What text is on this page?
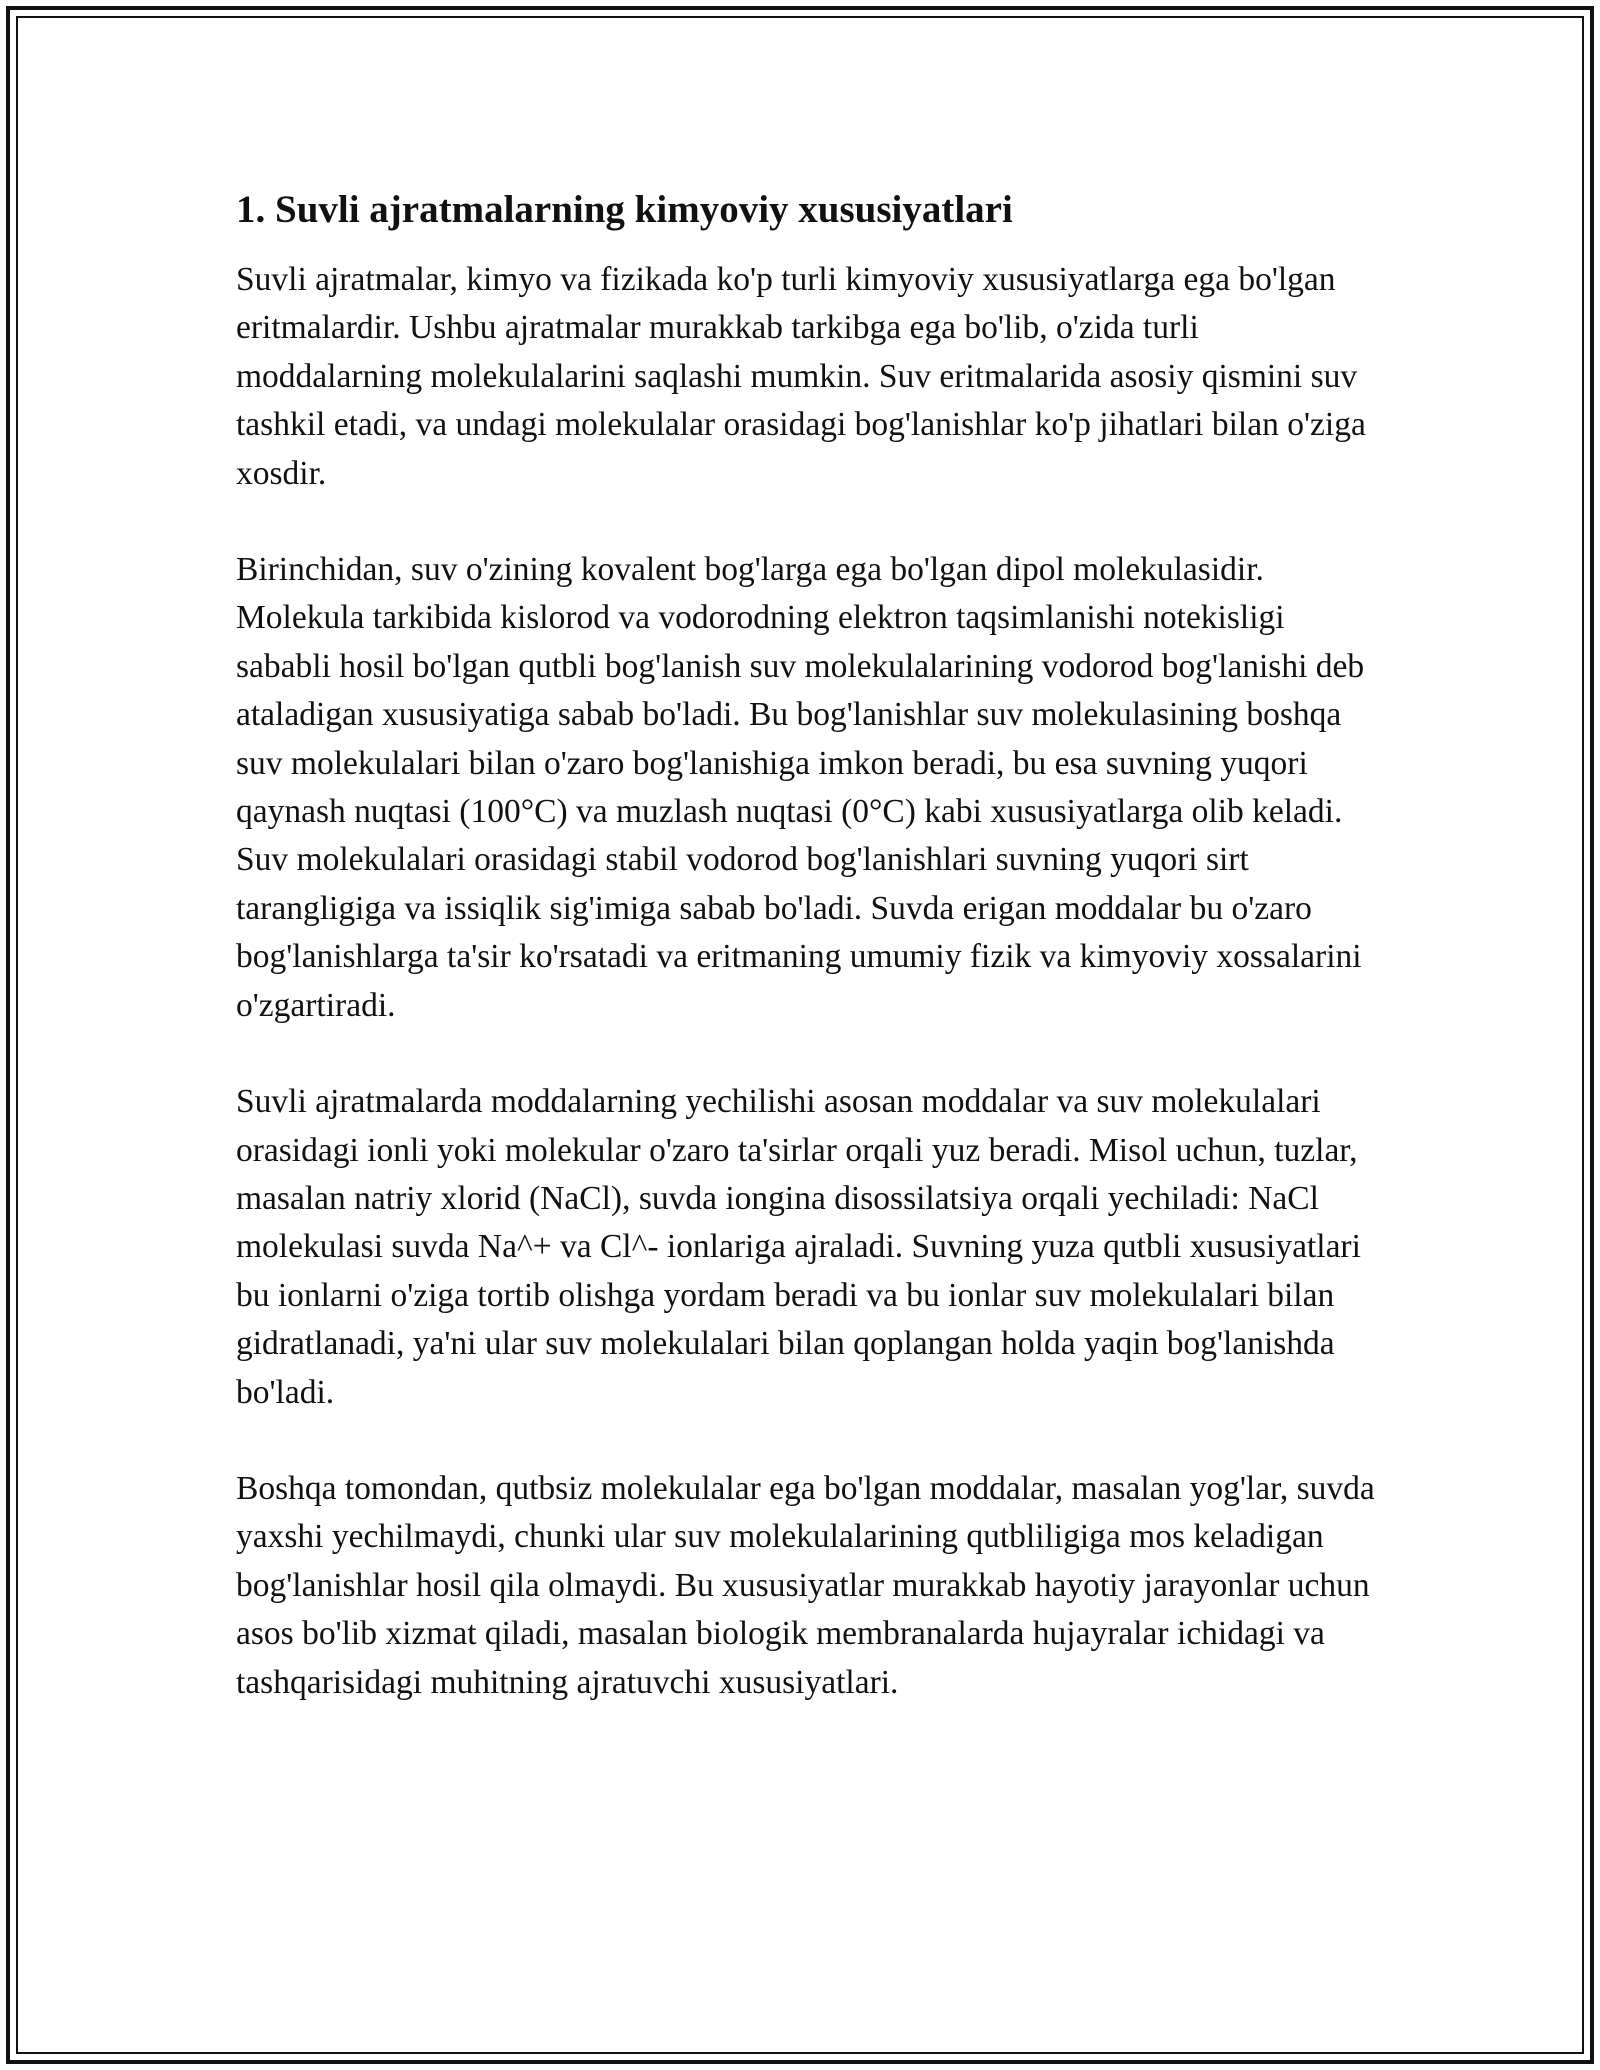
1. Suvli ajratmalarning kimyoviy xususiyatlari

Suvli ajratmalar, kimyo va fizikada ko'p turli kimyoviy xususiyatlarga ega bo'lgan eritmalardir. Ushbu ajratmalar murakkab tarkibga ega bo'lib, o'zida turli moddalarning molekulalarini saqlashi mumkin. Suv eritmalarida asosiy qismini suv tashkil etadi, va undagi molekulalar orasidagi bog'lanishlar ko'p jihatlari bilan o'ziga xosdir.

Birinchidan, suv o'zining kovalent bog'larga ega bo'lgan dipol molekulasidir. Molekula tarkibida kislorod va vodorodning elektron taqsimlanishi notekisligi sababli hosil bo'lgan qutbli bog'lanish suv molekulalarining vodorod bog'lanishi deb ataladigan xususiyatiga sabab bo'ladi. Bu bog'lanishlar suv molekulasining boshqa suv molekulalari bilan o'zaro bog'lanishiga imkon beradi, bu esa suvning yuqori qaynash nuqtasi (100°C) va muzlash nuqtasi (0°C) kabi xususiyatlarga olib keladi. Suv molekulalari orasidagi stabil vodorod bog'lanishlari suvning yuqori sirt tarangligiga va issiqlik sig'imiga sabab bo'ladi. Suvda erigan moddalar bu o'zaro bog'lanishlarga ta'sir ko'rsatadi va eritmaning umumiy fizik va kimyoviy xossalarini o'zgartiradi.

Suvli ajratmalarda moddalarning yechilishi asosan moddalar va suv molekulalari orasidagi ionli yoki molekular o'zaro ta'sirlar orqali yuz beradi. Misol uchun, tuzlar, masalan natriy xlorid (NaCl), suvda iongina disossilatsiya orqali yechiladi: NaCl molekulasi suvda Na^+ va Cl^- ionlariga ajraladi. Suvning yuza qutbli xususiyatlari bu ionlarni o'ziga tortib olishga yordam beradi va bu ionlar suv molekulalari bilan gidratlanadi, ya'ni ular suv molekulalari bilan qoplangan holda yaqin bog'lanishda bo'ladi.

Boshqa tomondan, qutbsiz molekulalar ega bo'lgan moddalar, masalan yog'lar, suvda yaxshi yechilmaydi, chunki ular suv molekulalarining qutbliligiga mos keladigan bog'lanishlar hosil qila olmaydi. Bu xususiyatlar murakkab hayotiy jarayonlar uchun asos bo'lib xizmat qiladi, masalan biologik membranalarda hujayralar ichidagi va tashqarisidagi muhitning ajratuvchi xususiyatlari.
